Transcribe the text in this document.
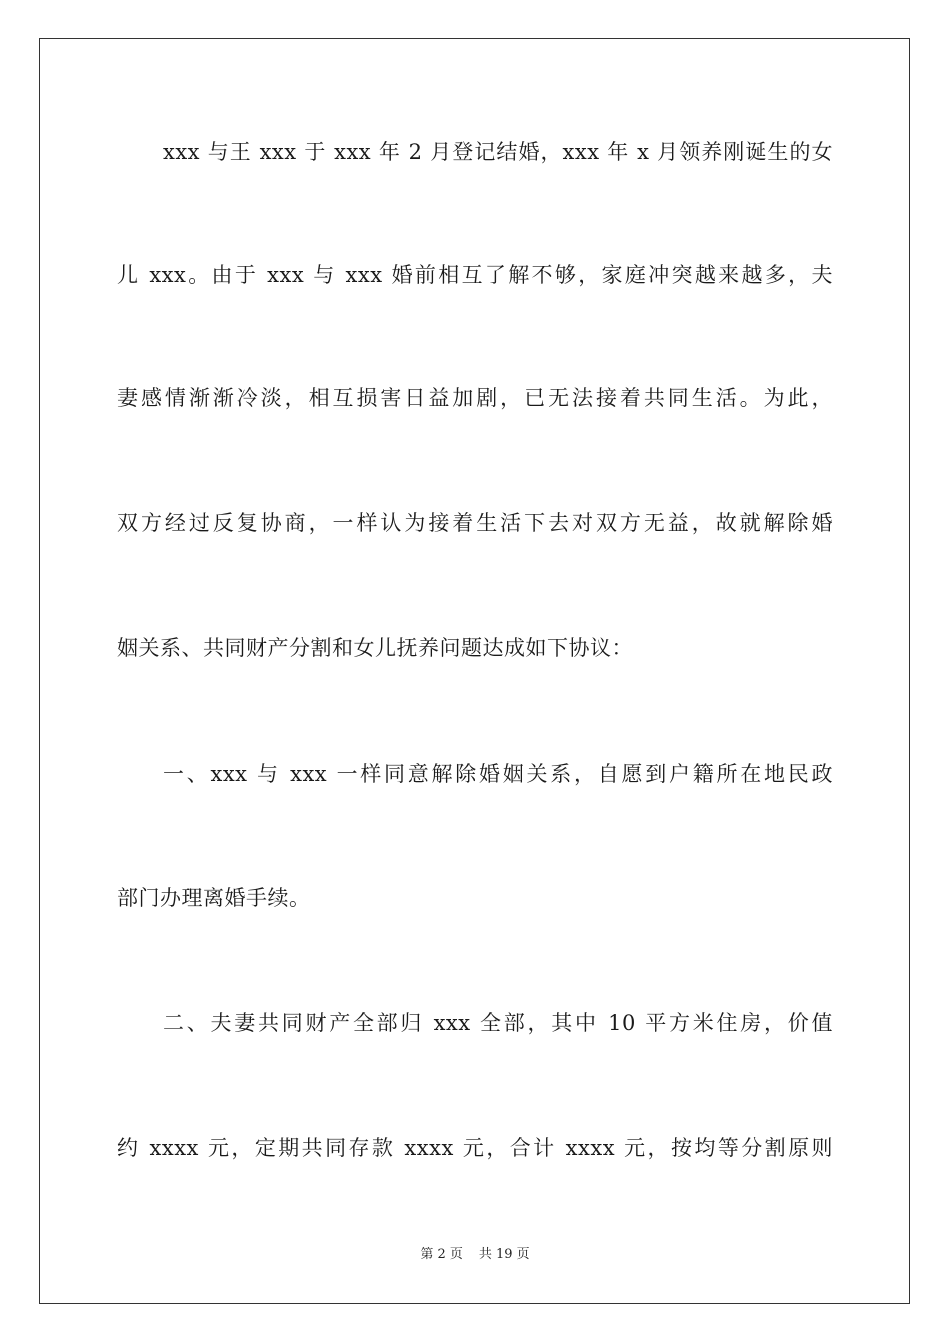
xxx 与王 xxx 于 xxx 年 2 月登记结婚，xxx 年 x 月领养刚诞生的女
儿 xxx。由于 xxx 与 xxx 婚前相互了解不够，家庭冲突越来越多，夫
妻感情渐渐冷淡，相互损害日益加剧，已无法接着共同生活。为此，
双方经过反复协商，一样认为接着生活下去对双方无益，故就解除婚
姻关系、共同财产分割和女儿抚养问题达成如下协议：
一、xxx 与 xxx 一样同意解除婚姻关系，自愿到户籍所在地民政
部门办理离婚手续。
二、夫妻共同财产全部归 xxx 全部，其中 10 平方米住房，价值
约 xxxx 元，定期共同存款 xxxx 元，合计 xxxx 元，按均等分割原则
第 2 页 共 19 页
